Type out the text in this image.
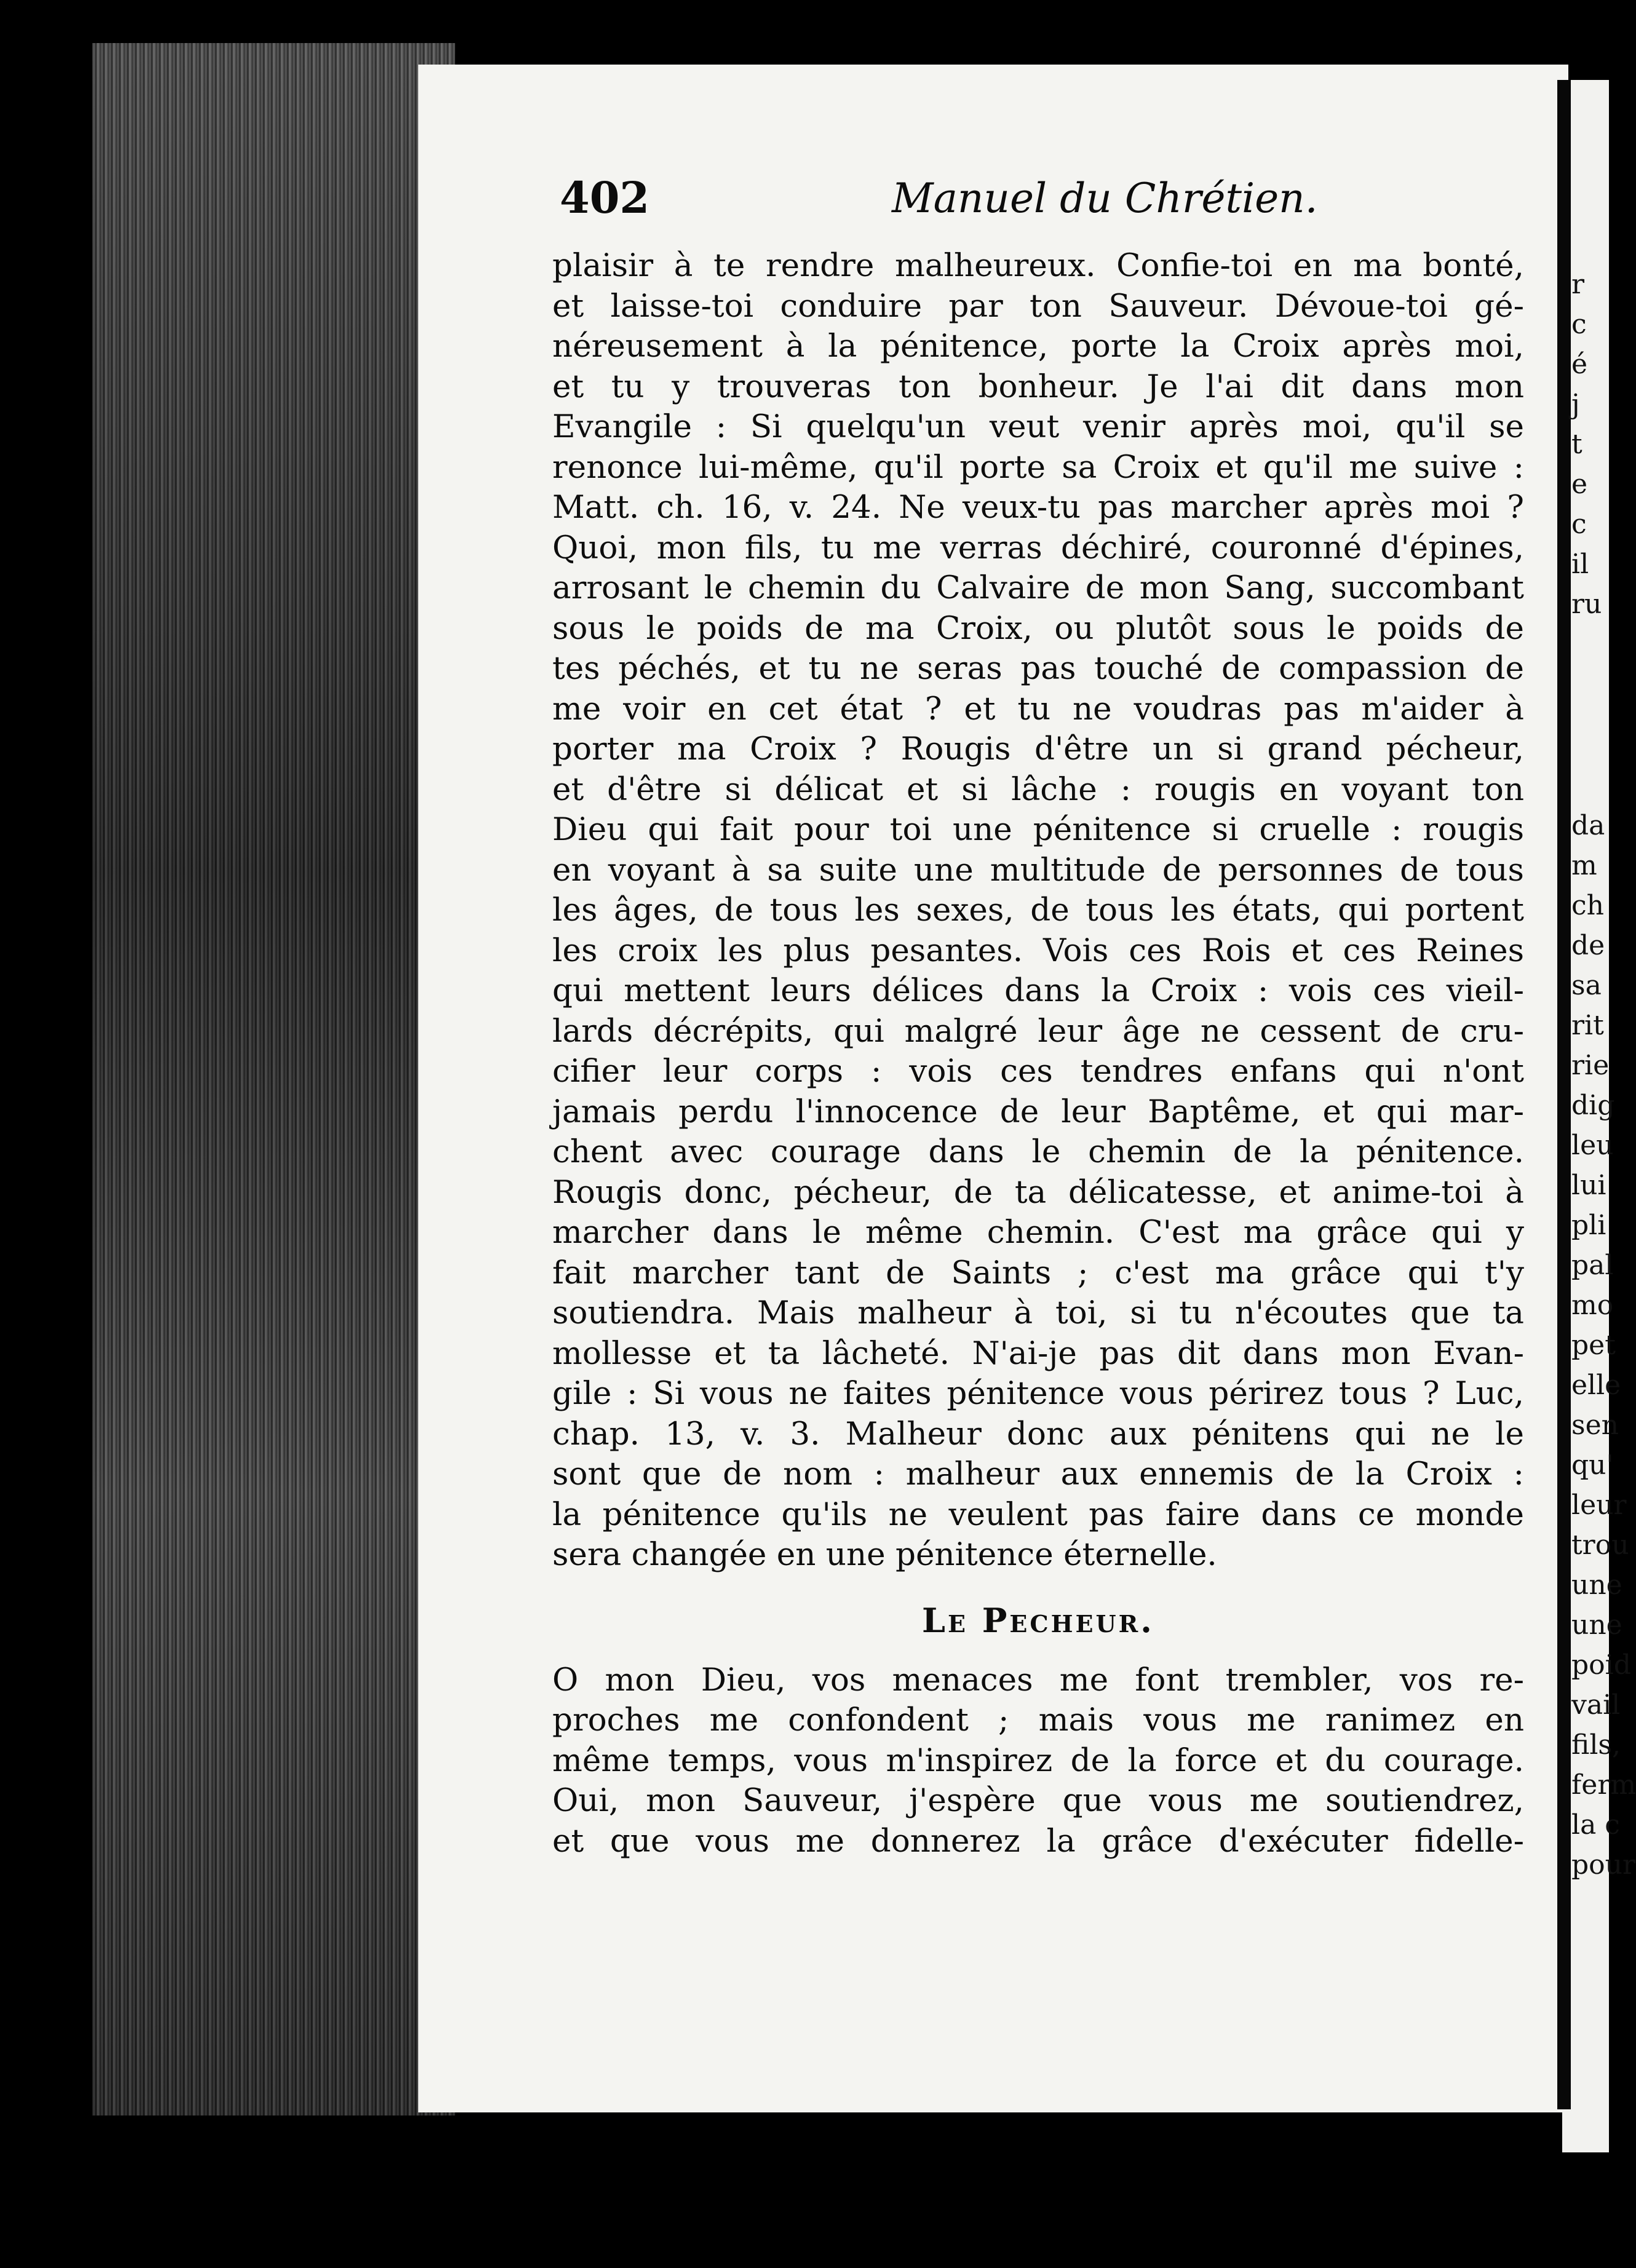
r
c
é
j
t
e
c
il
ru
da
m
ch
de
sa
rit
rie
dig
leu
lui
pli
pal
mo
pet
elle
sen
qu'
leur
trou
une
une
poid
vail
fils,
ferm
la c
pour
402	Manuel du Chrétien.
plaisir à te rendre malheureux. Confie-toi en ma bonté,
et laisse-toi conduire par ton Sauveur. Dévoue-toi gé-
néreusement à la pénitence, porte la Croix après moi,
et tu y trouveras ton bonheur. Je l'ai dit dans mon
Evangile : Si quelqu'un veut venir après moi, qu'il se
renonce lui-même, qu'il porte sa Croix et qu'il me suive :
Matt. ch. 16, v. 24. Ne veux-tu pas marcher après moi ?
Quoi, mon fils, tu me verras déchiré, couronné d'épines,
arrosant le chemin du Calvaire de mon Sang, succombant
sous le poids de ma Croix, ou plutôt sous le poids de
tes péchés, et tu ne seras pas touché de compassion de
me voir en cet état ? et tu ne voudras pas m'aider à
porter ma Croix ? Rougis d'être un si grand pécheur,
et d'être si délicat et si lâche : rougis en voyant ton
Dieu qui fait pour toi une pénitence si cruelle : rougis
en voyant à sa suite une multitude de personnes de tous
les âges, de tous les sexes, de tous les états, qui portent
les croix les plus pesantes. Vois ces Rois et ces Reines
qui mettent leurs délices dans la Croix : vois ces vieil-
lards décrépits, qui malgré leur âge ne cessent de cru-
cifier leur corps : vois ces tendres enfans qui n'ont
jamais perdu l'innocence de leur Baptême, et qui mar-
chent avec courage dans le chemin de la pénitence.
Rougis donc, pécheur, de ta délicatesse, et anime-toi à
marcher dans le même chemin. C'est ma grâce qui y
fait marcher tant de Saints ; c'est ma grâce qui t'y
soutiendra. Mais malheur à toi, si tu n'écoutes que ta
mollesse et ta lâcheté. N'ai-je pas dit dans mon Evan-
gile : Si vous ne faites pénitence vous périrez tous ? Luc,
chap. 13, v. 3. Malheur donc aux pénitens qui ne le
sont que de nom : malheur aux ennemis de la Croix :
la pénitence qu'ils ne veulent pas faire dans ce monde
sera changée en une pénitence éternelle.
Le Pecheur.
O mon Dieu, vos menaces me font trembler, vos re-
proches me confondent ; mais vous me ranimez en
même temps, vous m'inspirez de la force et du courage.
Oui, mon Sauveur, j'espère que vous me soutiendrez,
et que vous me donnerez la grâce d'exécuter fidelle-
